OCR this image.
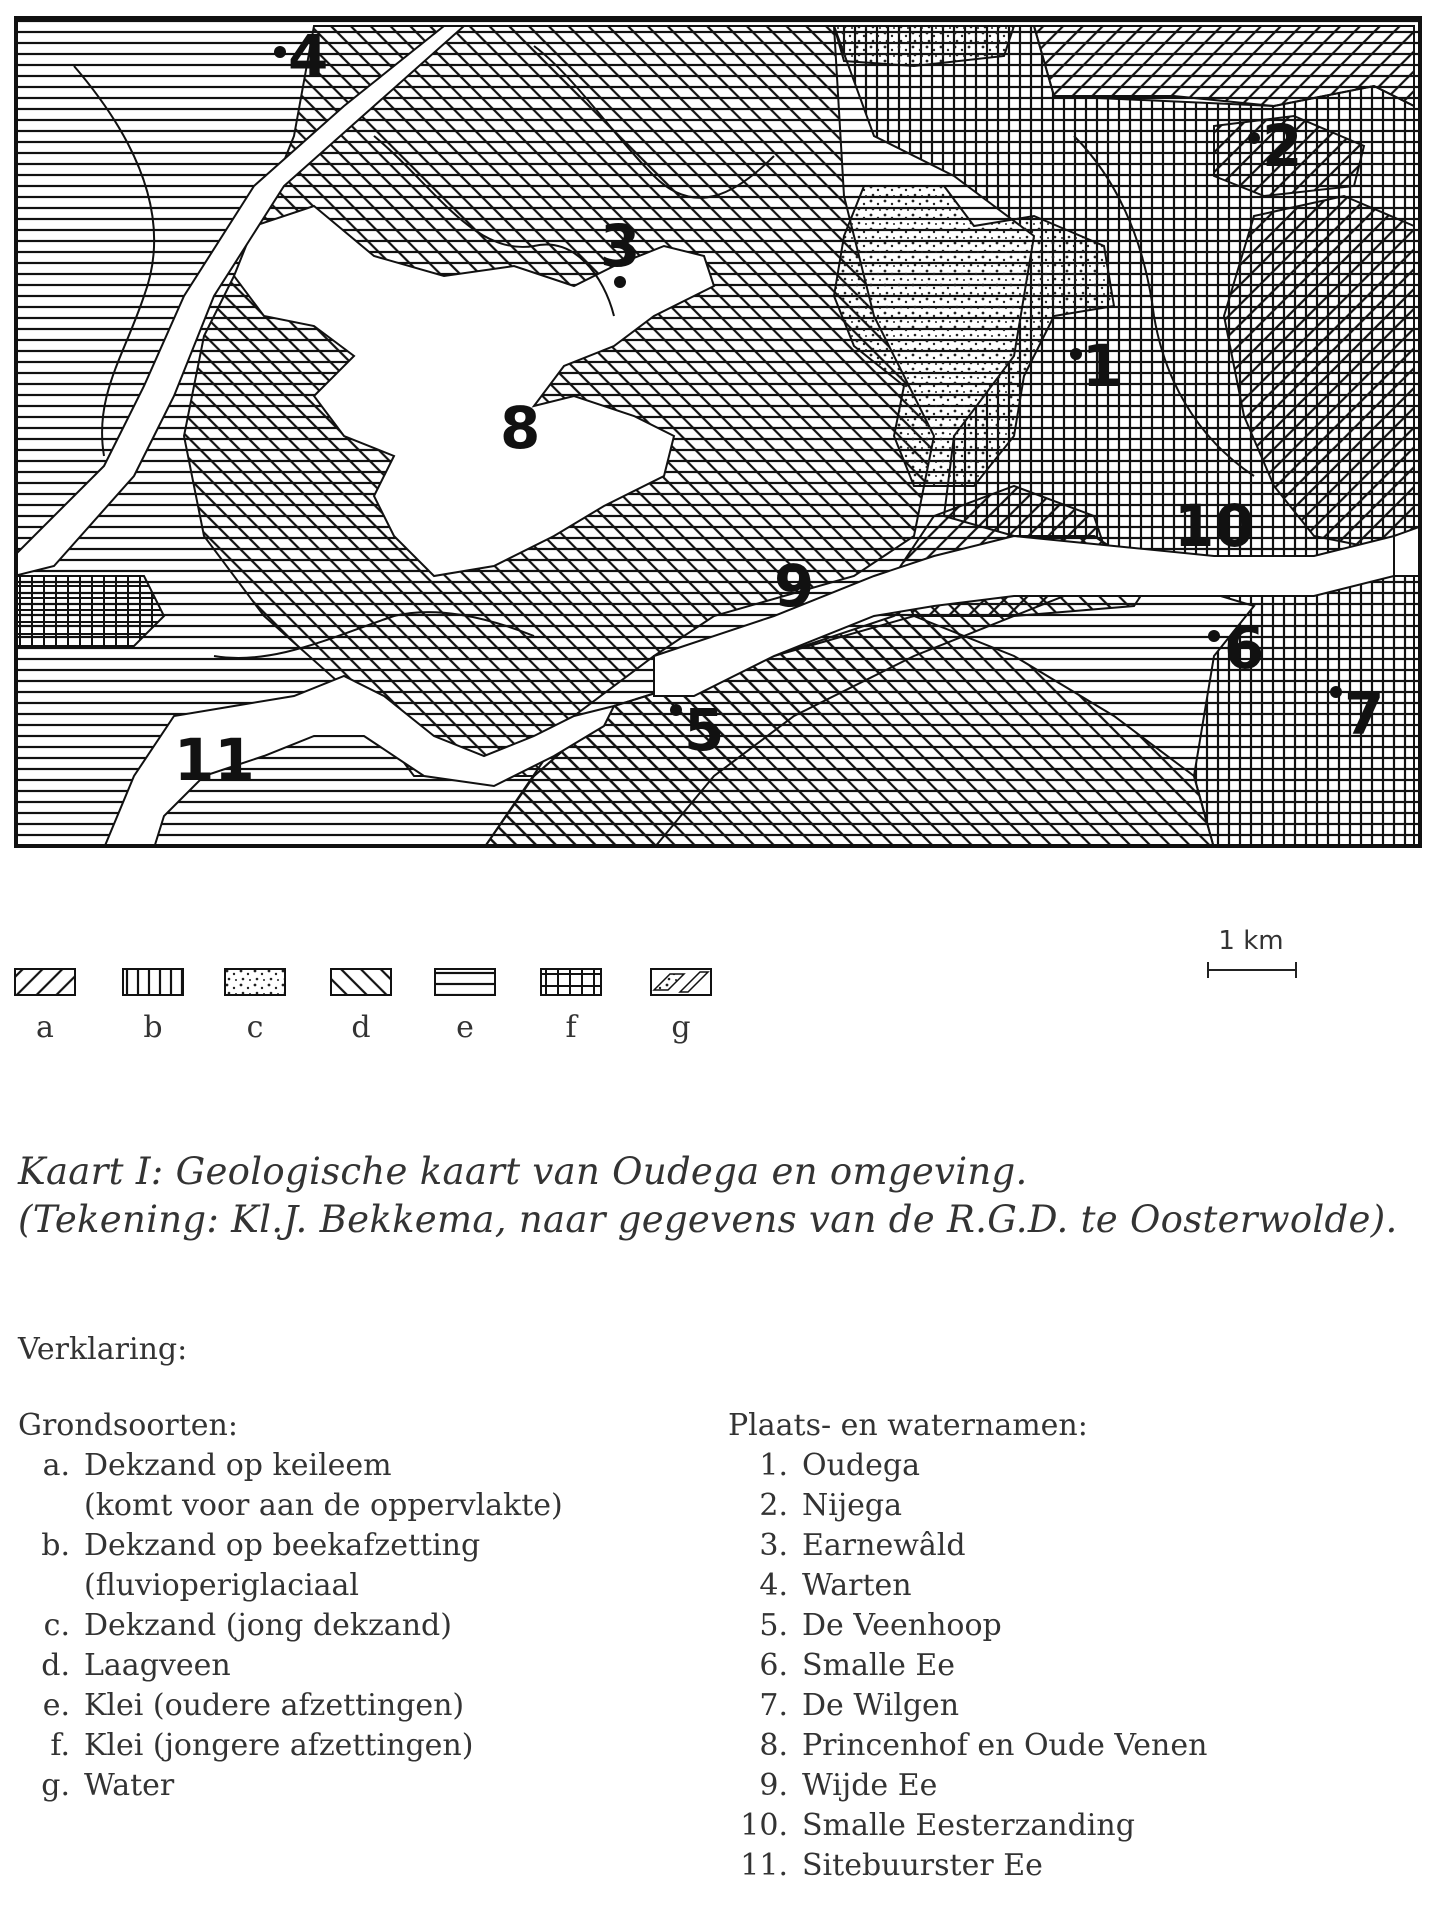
4
2
3
1
8
10
9
6
7
5
11
a	b	c	d	e	f	g
1 km
Kaart I: Geologische kaart van Oudega en omgeving.
(Tekening: Kl.J. Bekkema, naar gegevens van de R.G.D. te Oosterwolde).
Verklaring:
Grondsoorten:
a. Dekzand op keileem
(komt voor aan de oppervlakte)
b. Dekzand op beekafzetting
(fluvioperiglaciaal
c. Dekzand (jong dekzand)
d. Laagveen
e. Klei (oudere afzettingen)
f. Klei (jongere afzettingen)
g. Water
Plaats- en waternamen:
1. Oudega
2. Nijega
3. Earnewâld
4. Warten
5. De Veenhoop
6. Smalle Ee
7. De Wilgen
8. Princenhof en Oude Venen
9. Wijde Ee
10. Smalle Eesterzanding
11. Sitebuurster Ee
